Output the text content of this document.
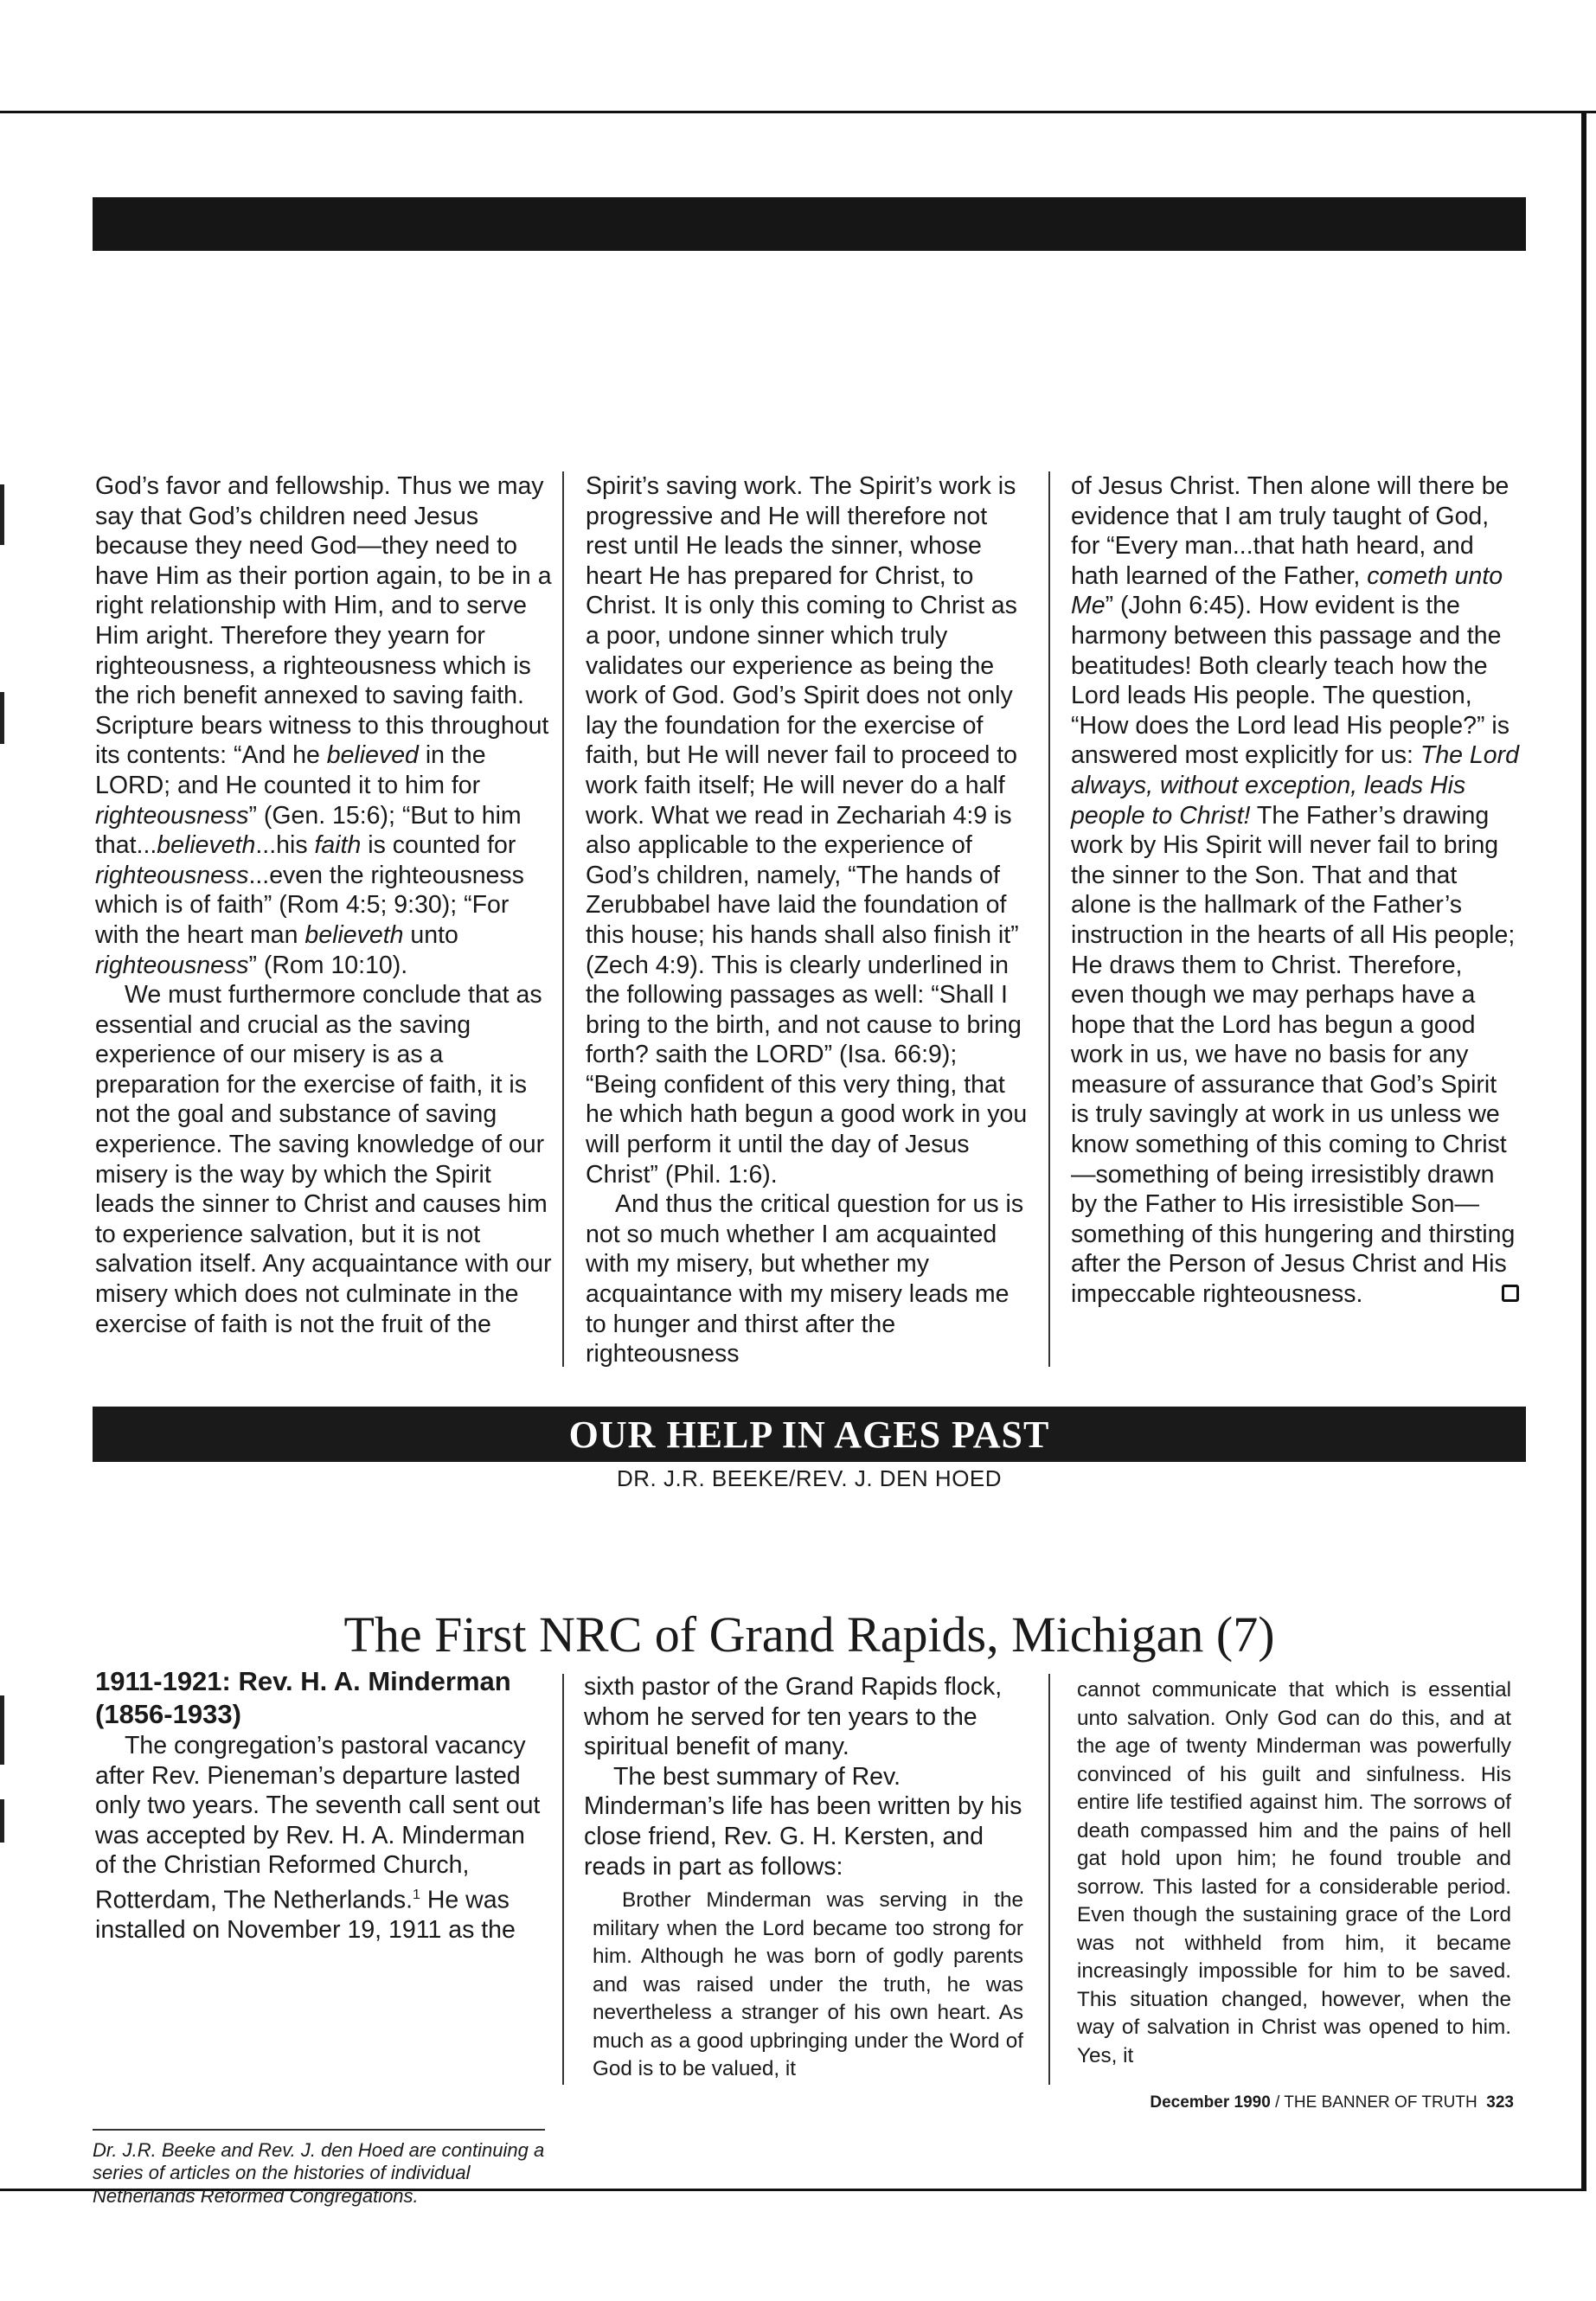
God’s favor and fellowship. Thus we may say that God’s children need Jesus because they need God—they need to have Him as their portion again, to be in a right relationship with Him, and to serve Him aright. Therefore they yearn for righteousness, a righteousness which is the rich benefit annexed to saving faith. Scripture bears witness to this throughout its contents: “And he believed in the LORD; and He counted it to him for righteousness” (Gen. 15:6); “But to him that...believeth...his faith is counted for righteousness...even the righteousness which is of faith” (Rom 4:5; 9:30); “For with the heart man believeth unto righteousness” (Rom 10:10).

We must furthermore conclude that as essential and crucial as the saving experience of our misery is as a preparation for the exercise of faith, it is not the goal and substance of saving experience. The saving knowledge of our misery is the way by which the Spirit leads the sinner to Christ and causes him to experience salvation, but it is not salvation itself. Any acquaintance with our misery which does not culminate in the exercise of faith is not the fruit of the

Spirit’s saving work. The Spirit’s work is progressive and He will therefore not rest until He leads the sinner, whose heart He has prepared for Christ, to Christ. It is only this coming to Christ as a poor, undone sinner which truly validates our experience as being the work of God. God’s Spirit does not only lay the foundation for the exercise of faith, but He will never fail to proceed to work faith itself; He will never do a half work. What we read in Zechariah 4:9 is also applicable to the experience of God’s children, namely, “The hands of Zerubbabel have laid the foundation of this house; his hands shall also finish it” (Zech 4:9). This is clearly underlined in the following passages as well: “Shall I bring to the birth, and not cause to bring forth? saith the LORD” (Isa. 66:9); “Being confident of this very thing, that he which hath begun a good work in you will perform it until the day of Jesus Christ” (Phil. 1:6).

And thus the critical question for us is not so much whether I am acquainted with my misery, but whether my acquaintance with my misery leads me to hunger and thirst after the righteousness

of Jesus Christ. Then alone will there be evidence that I am truly taught of God, for “Every man...that hath heard, and hath learned of the Father, cometh unto Me” (John 6:45). How evident is the harmony between this passage and the beatitudes! Both clearly teach how the Lord leads His people. The question, “How does the Lord lead His people?” is answered most explicitly for us: The Lord always, without exception, leads His people to Christ! The Father’s drawing work by His Spirit will never fail to bring the sinner to the Son. That and that alone is the hallmark of the Father’s instruction in the hearts of all His people; He draws them to Christ. Therefore, even though we may perhaps have a hope that the Lord has begun a good work in us, we have no basis for any measure of assurance that God’s Spirit is truly savingly at work in us unless we know something of this coming to Christ—something of being irresistibly drawn by the Father to His irresistible Son—something of this hungering and thirsting after the Person of Jesus Christ and His impeccable righteousness.

OUR HELP IN AGES PAST
DR. J.R. BEEKE/REV. J. DEN HOED
The First NRC of Grand Rapids, Michigan (7)

1911-1921: Rev. H. A. Minderman (1856-1933)

The congregation’s pastoral vacancy after Rev. Pieneman’s departure lasted only two years. The seventh call sent out was accepted by Rev. H. A. Minderman of the Christian Reformed Church, Rotterdam, The Netherlands.$^1$ He was installed on November 19, 1911 as the

Dr. J.R. Beeke and Rev. J. den Hoed are continuing a series of articles on the histories of individual Netherlands Reformed Congregations.

sixth pastor of the Grand Rapids flock, whom he served for ten years to the spiritual benefit of many.

The best summary of Rev. Minderman’s life has been written by his close friend, Rev. G. H. Kersten, and reads in part as follows:

Brother Minderman was serving in the military when the Lord became too strong for him. Although he was born of godly parents and was raised under the truth, he was nevertheless a stranger of his own heart. As much as a good upbringing under the Word of God is to be valued, it

cannot communicate that which is essential unto salvation. Only God can do this, and at the age of twenty Minderman was powerfully convinced of his guilt and sinfulness. His entire life testified against him. The sorrows of death compassed him and the pains of hell gat hold upon him; he found trouble and sorrow. This lasted for a considerable period. Even though the sustaining grace of the Lord was not withheld from him, it became increasingly impossible for him to be saved. This situation changed, however, when the way of salvation in Christ was opened to him. Yes, it

December 1990 / THE BANNER OF TRUTH 323
